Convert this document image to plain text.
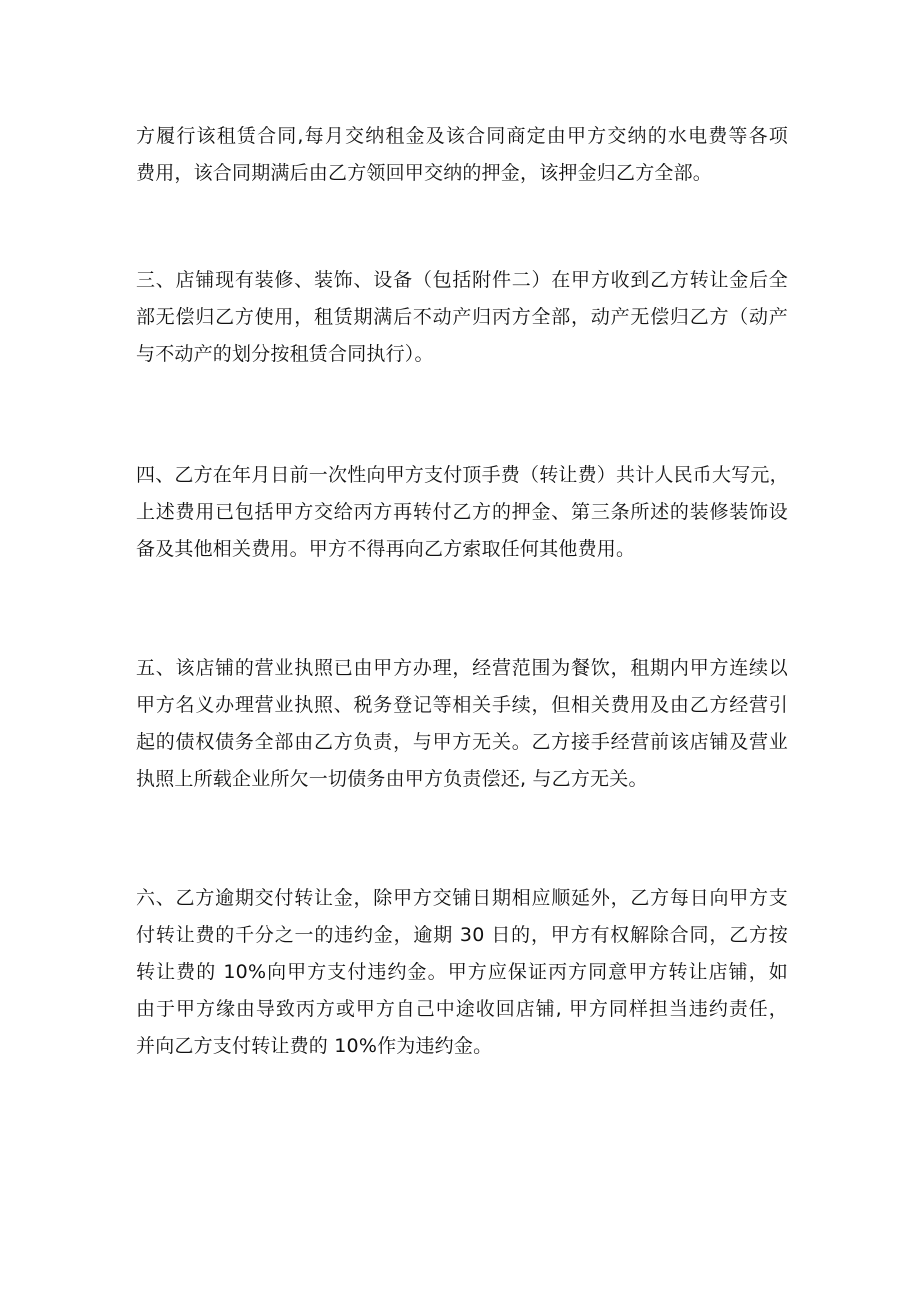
方履行该租赁合同,每月交纳租金及该合同商定由甲方交纳的水电费等各项
费用，该合同期满后由乙方领回甲交纳的押金，该押金归乙方全部。
三、店铺现有装修、装饰、设备（包括附件二）在甲方收到乙方转让金后全
部无偿归乙方使用，租赁期满后不动产归丙方全部，动产无偿归乙方（动产
与不动产的划分按租赁合同执行）。
四、乙方在年月日前一次性向甲方支付顶手费（转让费）共计人民币大写元，
上述费用已包括甲方交给丙方再转付乙方的押金、第三条所述的装修装饰设
备及其他相关费用。甲方不得再向乙方索取任何其他费用。
五、该店铺的营业执照已由甲方办理，经营范围为餐饮，租期内甲方连续以
甲方名义办理营业执照、税务登记等相关手续，但相关费用及由乙方经营引
起的债权债务全部由乙方负责，与甲方无关。乙方接手经营前该店铺及营业
执照上所载企业所欠一切债务由甲方负责偿还, 与乙方无关。
六、乙方逾期交付转让金，除甲方交铺日期相应顺延外，乙方每日向甲方支
付转让费的千分之一的违约金，逾期 30 日的，甲方有权解除合同，乙方按
转让费的 10%向甲方支付违约金。甲方应保证丙方同意甲方转让店铺，如
由于甲方缘由导致丙方或甲方自己中途收回店铺, 甲方同样担当违约责任，
并向乙方支付转让费的 10%作为违约金。
